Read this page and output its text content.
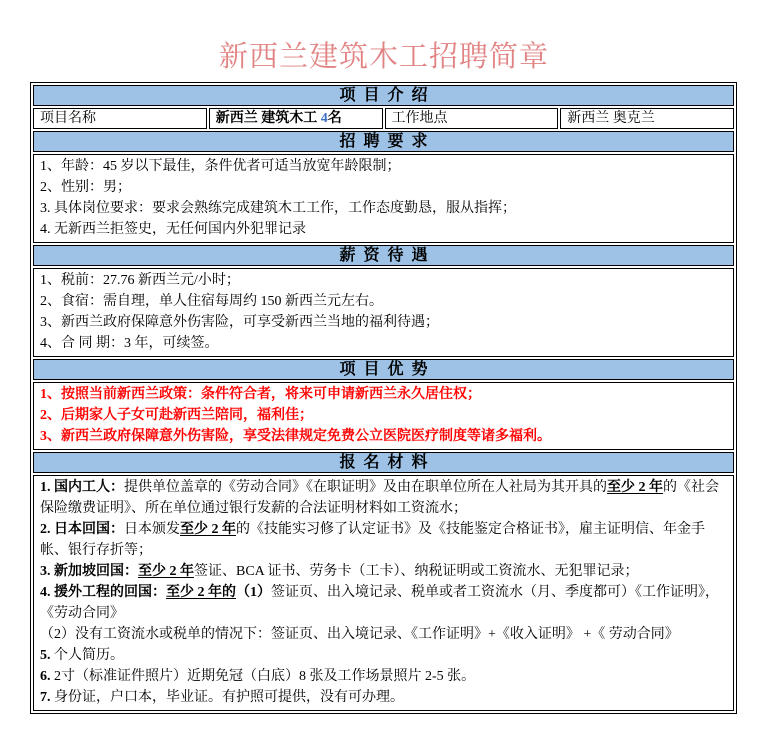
新西兰建筑木工招聘简章
项目介绍
项目名称	新西兰 建筑木工 4名	工作地点	新西兰 奥克兰
招聘要求

1、年龄：45 岁以下最佳，条件优者可适当放宽年龄限制；
2、性别：男；
3. 具体岗位要求：要求会熟练完成建筑木工工作，工作态度勤恳，服从指挥；
4. 无新西兰拒签史，无任何国内外犯罪记录

薪资待遇

1、税前：27.76 新西兰元/小时；
2、食宿：需自理，单人住宿每周约 150 新西兰元左右。
3、新西兰政府保障意外伤害险，可享受新西兰当地的福利待遇；
4、合 同 期：3 年，可续签。

项目优势

1、按照当前新西兰政策：条件符合者，将来可申请新西兰永久居住权；
2、后期家人子女可赴新西兰陪同，福利佳；
3、新西兰政府保障意外伤害险，享受法律规定免费公立医院医疗制度等诸多福利。

报名材料

1. 国内工人：提供单位盖章的《劳动合同》《在职证明》及由在职单位所在人社局为其开具的至少 2 年的《社会保险缴费证明》、所在单位通过银行发薪的合法证明材料如工资流水；
2. 日本回国：日本颁发至少 2 年的《技能实习修了认定证书》及《技能鉴定合格证书》，雇主证明信、年金手帐、银行存折等；
3. 新加坡回国：至少 2 年签证、BCA 证书、劳务卡（工卡）、纳税证明或工资流水、无犯罪记录；
4. 援外工程的回国：至少 2 年的（1）签证页、出入境记录、税单或者工资流水（月、季度都可）《工作证明》，《劳动合同》
（2）没有工资流水或税单的情况下：签证页、出入境记录、《工作证明》+《收入证明》 +《 劳动合同》
5. 个人简历。
6. 2寸（标准证件照片）近期免冠（白底）8 张及工作场景照片 2-5 张。
7. 身份证，户口本，毕业证。有护照可提供，没有可办理。
